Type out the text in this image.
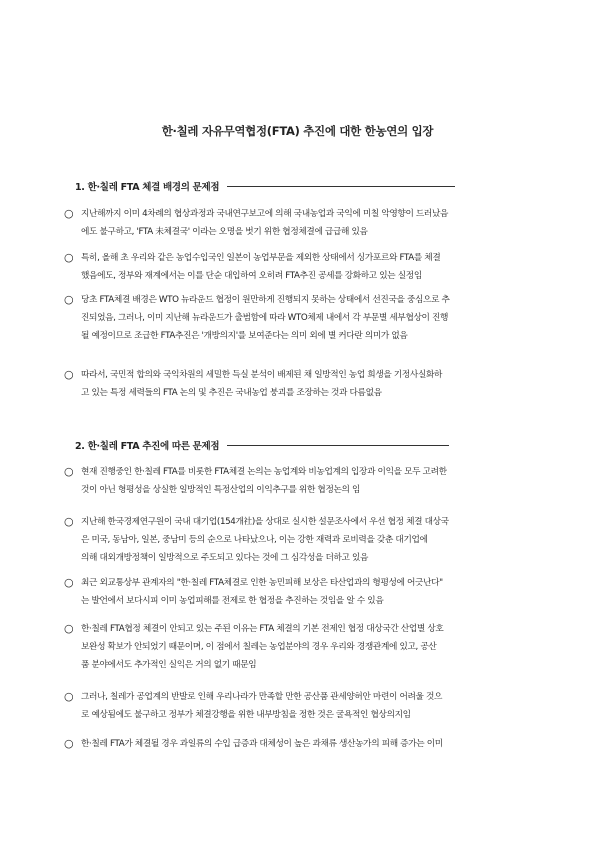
한·칠레 자유무역협정(FTA) 추진에 대한 한농연의 입장
1. 한·칠레 FTA 체결 배경의 문제점
○ 지난해까지 이미 4차례의 협상과정과 국내연구보고에 의해 국내농업과 국익에 미칠 악영향이 드러났음
에도 불구하고, 'FTA 未체결국' 이라는 오명을 벗기 위한 협정체결에 급급해 있음
○ 특히, 올해 초 우리와 같은 농업수입국인 일본이 농업부문을 제외한 상태에서 싱가포르와 FTA를 체결
했음에도, 정부와 재계에서는 이를 단순 대입하여 오히려 FTA추진 공세를 강화하고 있는 실정임
○ 당초 FTA체결 배경은 WTO 뉴라운드 협정이 원만하게 진행되지 못하는 상태에서 선진국을 중심으로 추
진되었음, 그러나, 이미 지난해 뉴라운드가 출범함에 따라 WTO체제 내에서 각 부문별 세부협상이 진행
될 예정이므로 조급한 FTA추진은 '개방의지'를 보여준다는 의미 외에 별 커다란 의미가 없음
○ 따라서, 국민적 합의와 국익차원의 세밀한 득실 분석이 배제된 채 일방적인 농업 희생을 기정사실화하
고 있는 특정 세력들의 FTA 논의 및 추진은 국내농업 붕괴를 조장하는 것과 다름없음
2. 한·칠레 FTA 추진에 따른 문제점
○ 현재 진행중인 한·칠레 FTA를 비롯한 FTA체결 논의는 농업계와 비농업계의 입장과 이익을 모두 고려한
것이 아닌 형평성을 상실한 일방적인 특정산업의 이익추구를 위한 협정논의 임
○ 지난해 한국경제연구원이 국내 대기업(154개社)을 상대로 실시한 설문조사에서 우선 협정 체결 대상국
은 미국, 동남아, 일본, 중남미 등의 순으로 나타났으나, 이는 강한 재력과 로비력을 갖춘 대기업에
의해 대외개방정책이 일방적으로 주도되고 있다는 것에 그 심각성을 더하고 있음
○ 최근 외교통상부 관계자의 "한·칠레 FTA체결로 인한 농민피해 보상은 타산업과의 형평성에 어긋난다"
는 발언에서 보다시피 이미 농업피해를 전제로 한 협정을 추진하는 것임을 알 수 있음
○ 한·칠레 FTA협정 체결이 안되고 있는 주된 이유는 FTA 체결의 기본 전제인 협정 대상국간 산업별 상호
보완성 확보가 안되었기 때문이며, 이 점에서 칠레는 농업분야의 경우 우리와 경쟁관계에 있고, 공산
품 분야에서도 추가적인 실익은 거의 없기 때문임
○ 그러나, 칠레가 공업계의 반발로 인해 우리나라가 만족할 만한 공산품 관세양허안 마련이 어려울 것으
로 예상됨에도 불구하고 정부가 체결강행을 위한 내부방침을 정한 것은 굴욕적인 협상의지임
○ 한·칠레 FTA가 체결될 경우 과일류의 수입 급증과 대체성이 높은 과채류 생산농가의 피해 증가는 이미
